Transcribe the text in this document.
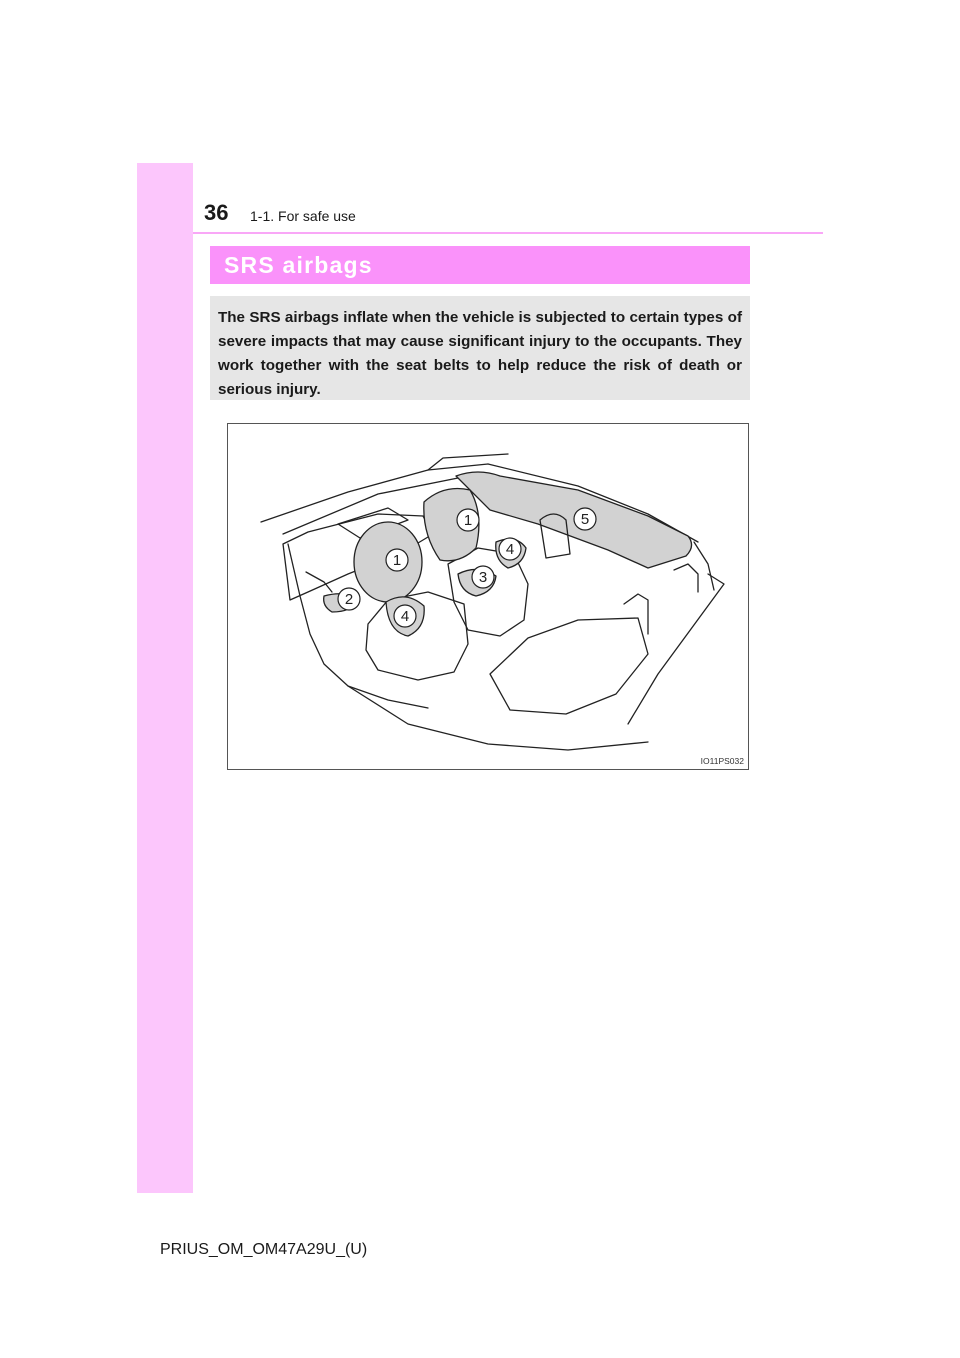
36 1-1. For safe use
SRS airbags

The SRS airbags inflate when the vehicle is subjected to certain types of severe impacts that may cause significant injury to the occupants. They work together with the seat belts to help reduce the risk of death or serious injury.

1
1
2
3
4
4
5
IO11PS032
PRIUS_OM_OM47A29U_(U)
